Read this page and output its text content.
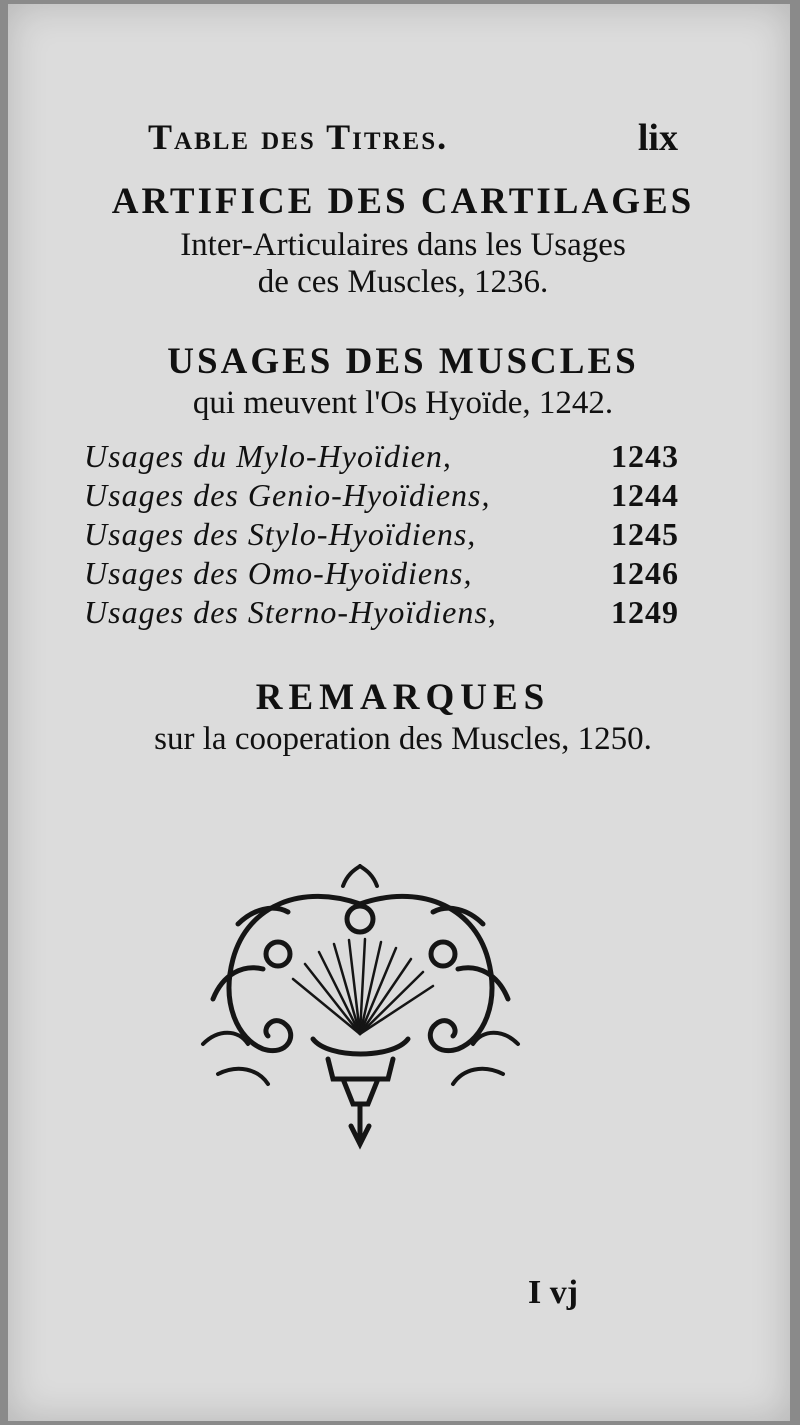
Table des Titres.	lix
ARTIFICE DES CARTILAGES
Inter-Articulaires dans les Usages
de ces Muscles, 1236.
USAGES DES MUSCLES
qui meuvent l'Os Hyoïde, 1242.
Usages du Mylo-Hyoïdien,	1243
Usages des Genio-Hyoïdiens,	1244
Usages des Stylo-Hyoïdiens,	1245
Usages des Omo-Hyoïdiens,	1246
Usages des Sterno-Hyoïdiens,	1249
REMARQUES
sur la cooperation des Muscles, 1250.
I vj
